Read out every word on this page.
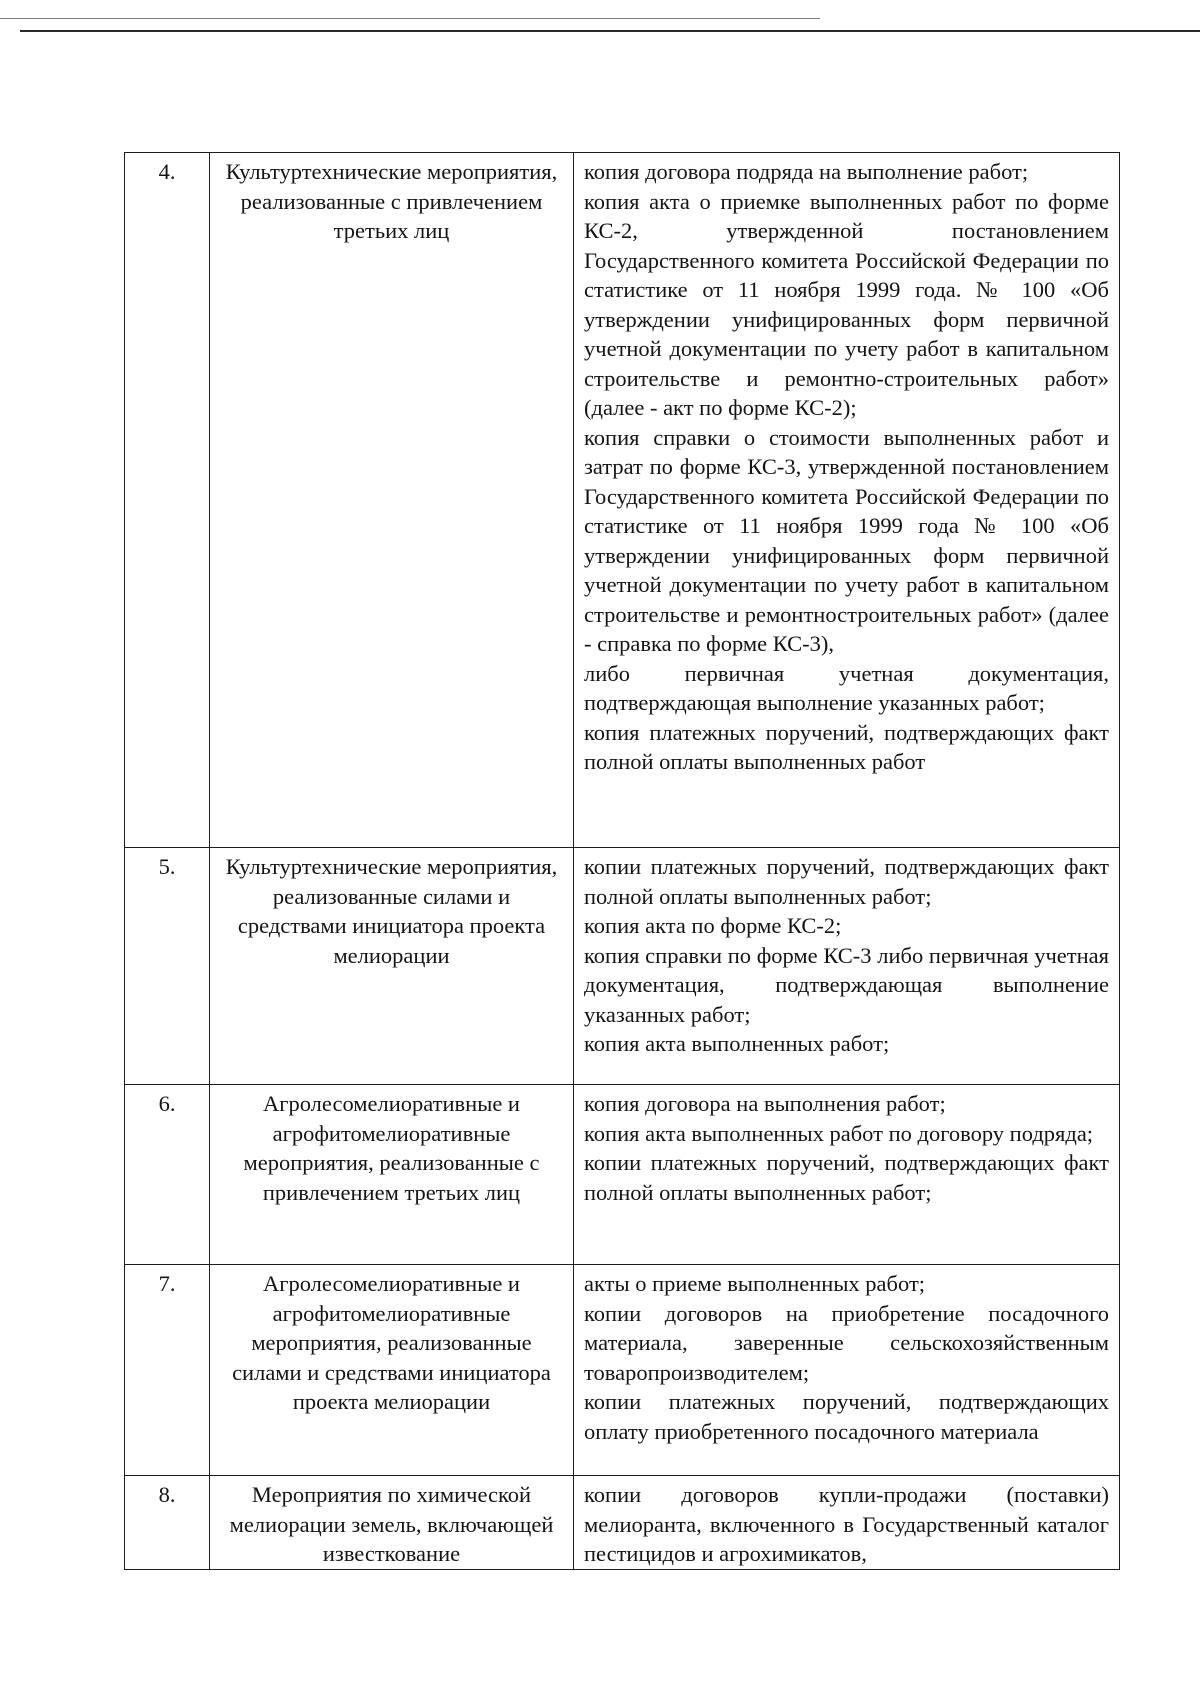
4.	Культуртехнические мероприятия, реализованные с привлечением третьих лиц	копия договора подряда на выполнение работ;
копия акта о приемке выполненных работ по форме КС-2, утвержденной постановлением Государственного комитета Российской Федерации по статистике от 11 ноября 1999 года. № 100 «Об утверждении унифицированных форм первичной учетной документации по учету работ в капитальном строительстве и ремонтно-строительных работ» (далее - акт по форме КС-2);
копия справки о стоимости выполненных работ и затрат по форме КС-3, утвержденной постановлением Государственного комитета Российской Федерации по статистике от 11 ноября 1999 года № 100 «Об утверждении унифицированных форм первичной учетной документации по учету работ в капитальном строительстве и ремонтностроительных работ» (далее - справка по форме КС-3),
либо первичная учетная документация, подтверждающая выполнение указанных работ;
копия платежных поручений, подтверждающих факт полной оплаты выполненных работ

5.	Культуртехнические мероприятия, реализованные силами и средствами инициатора проекта мелиорации	копии платежных поручений, подтверждающих факт полной оплаты выполненных работ;
копия акта по форме КС-2;
копия справки по форме КС-3 либо первичная учетная документация, подтверждающая выполнение указанных работ;
копия акта выполненных работ;

6.	Агролесомелиоративные и агрофитомелиоративные мероприятия, реализованные с привлечением третьих лиц	копия договора на выполнения работ;
копия акта выполненных работ по договору подряда;
копии платежных поручений, подтверждающих факт полной оплаты выполненных работ;

7.	Агролесомелиоративные и агрофитомелиоративные мероприятия, реализованные силами и средствами инициатора проекта мелиорации	акты о приеме выполненных работ;
копии договоров на приобретение посадочного материала, заверенные сельскохозяйственным товаропроизводителем;
копии платежных поручений, подтверждающих оплату приобретенного посадочного материала

8.	Мероприятия по химической мелиорации земель, включающей известкование	копии договоров купли-продажи (поставки) мелиоранта, включенного в Государственный каталог пестицидов и агрохимикатов,
